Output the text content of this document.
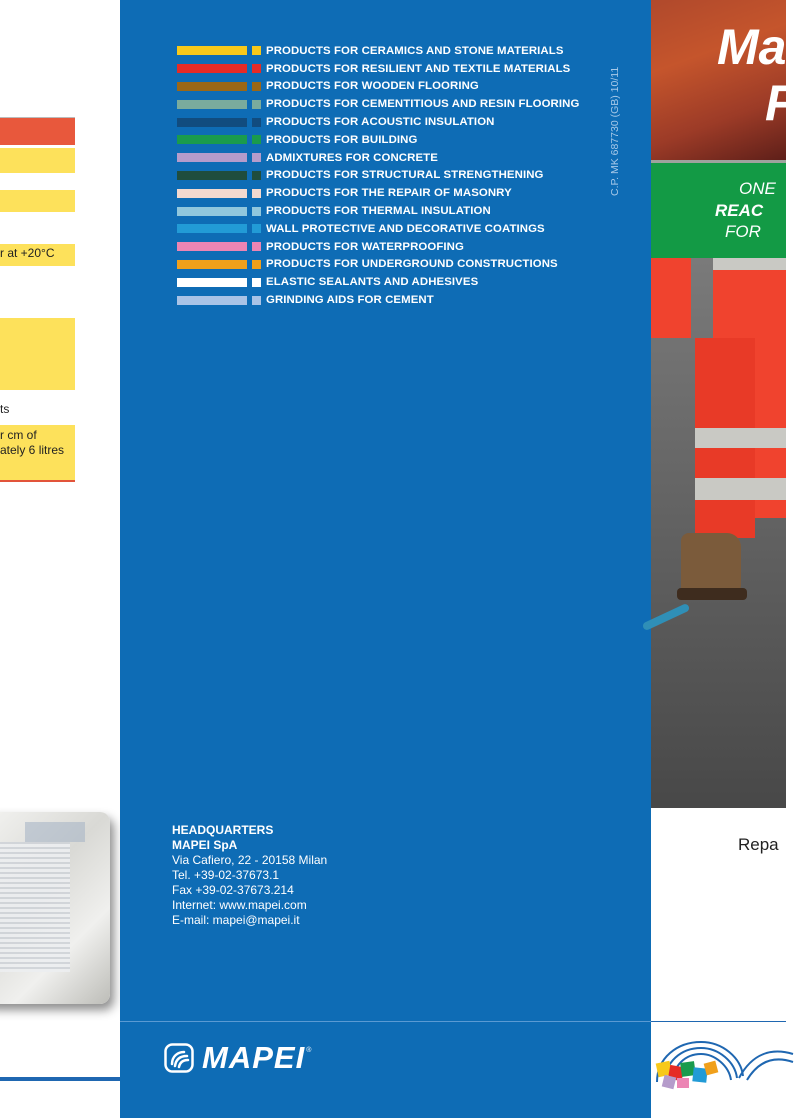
r at +20°C
ts
r cm of
ately 6 litres
PRODUCTS FOR CERAMICS AND STONE MATERIALS
PRODUCTS FOR RESILIENT AND TEXTILE MATERIALS
PRODUCTS FOR WOODEN FLOORING
PRODUCTS FOR CEMENTITIOUS AND RESIN FLOORING
PRODUCTS FOR ACOUSTIC INSULATION
PRODUCTS FOR BUILDING
ADMIXTURES FOR CONCRETE
PRODUCTS FOR STRUCTURAL STRENGTHENING
PRODUCTS FOR THE REPAIR OF MASONRY
PRODUCTS FOR THERMAL INSULATION
WALL PROTECTIVE AND DECORATIVE COATINGS
PRODUCTS FOR WATERPROOFING
PRODUCTS FOR UNDERGROUND CONSTRUCTIONS
ELASTIC SEALANTS AND ADHESIVES
GRINDING AIDS FOR CEMENT
C.P. MK 687730 (GB) 10/11
HEADQUARTERS
MAPEI SpA
Via Cafiero, 22 - 20158 Milan
Tel. +39-02-37673.1
Fax +39-02-37673.214
Internet: www.mapei.com
E-mail: mapei@mapei.it
MAPEI ®
Ma
F
ONE
REAC
FOR
Repa
